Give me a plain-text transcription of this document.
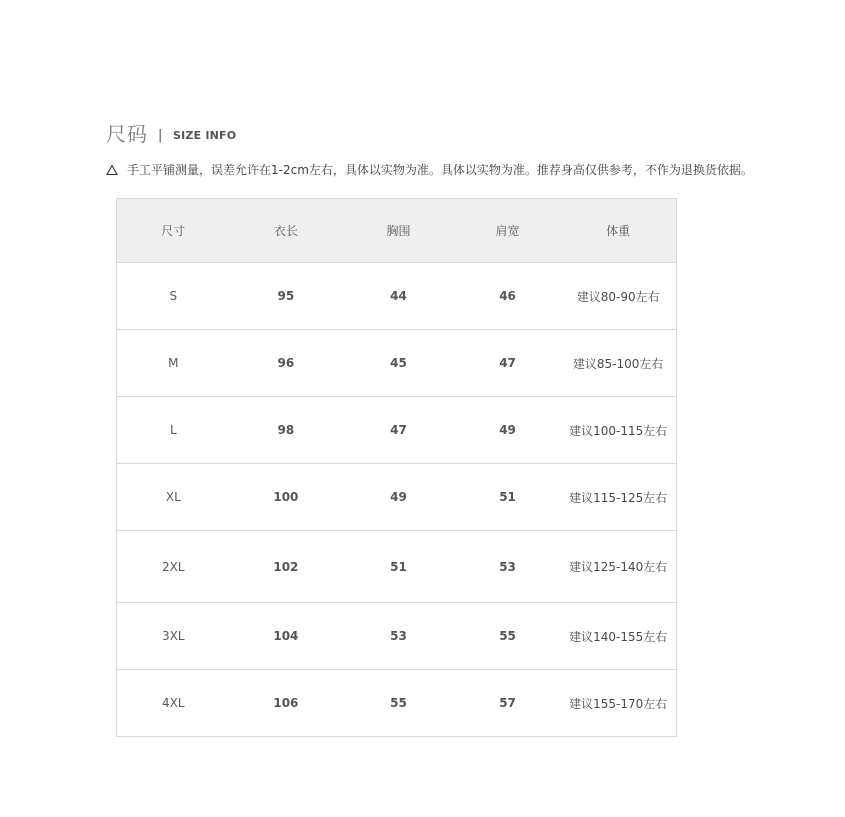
尺码 | SIZE INFO
手工平铺测量，误差允许在1-2cm左右，具体以实物为准。具体以实物为准。推荐身高仅供参考，不作为退换货依据。
尺寸	衣长	胸围	肩宽	体重
S	95	44	46	建议80-90左右
M	96	45	47	建议85-100左右
L	98	47	49	建议100-115左右
XL	100	49	51	建议115-125左右
2XL	102	51	53	建议125-140左右
3XL	104	53	55	建议140-155左右
4XL	106	55	57	建议155-170左右
